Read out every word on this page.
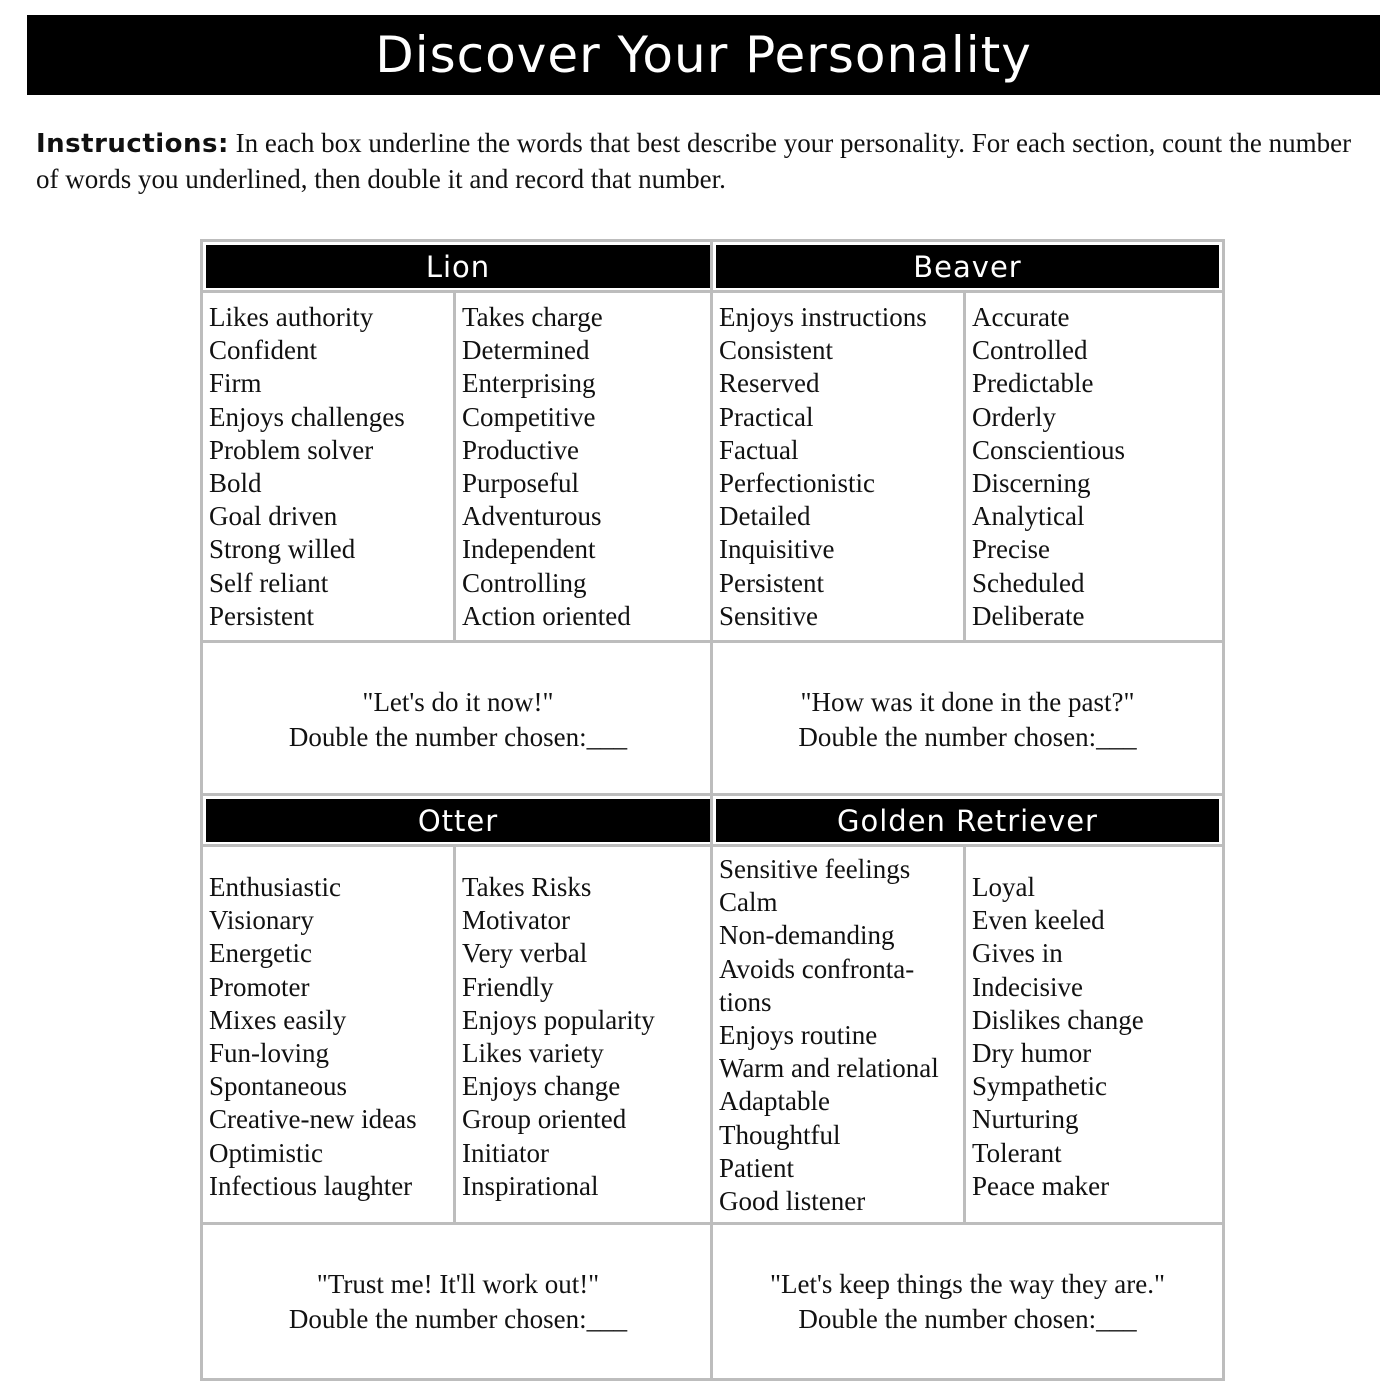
Discover Your Personality
Instructions: In each box underline the words that best describe your personality. For each section, count the number of words you underlined, then double it and record that number.
Lion
Likes authority
Confident
Firm
Enjoys challenges
Problem solver
Bold
Goal driven
Strong willed
Self reliant
Persistent
Takes charge
Determined
Enterprising
Competitive
Productive
Purposeful
Adventurous
Independent
Controlling
Action oriented
"Let's do it now!"
Double the number chosen:___
Beaver
Enjoys instructions
Consistent
Reserved
Practical
Factual
Perfectionistic
Detailed
Inquisitive
Persistent
Sensitive
Accurate
Controlled
Predictable
Orderly
Conscientious
Discerning
Analytical
Precise
Scheduled
Deliberate
"How was it done in the past?"
Double the number chosen:___
Otter
Enthusiastic
Visionary
Energetic
Promoter
Mixes easily
Fun-loving
Spontaneous
Creative-new ideas
Optimistic
Infectious laughter
Takes Risks
Motivator
Very verbal
Friendly
Enjoys popularity
Likes variety
Enjoys change
Group oriented
Initiator
Inspirational
"Trust me! It'll work out!"
Double the number chosen:___
Golden Retriever
Sensitive feelings
Calm
Non-demanding
Avoids confronta-tions
Enjoys routine
Warm and relational
Adaptable
Thoughtful
Patient
Good listener
Loyal
Even keeled
Gives in
Indecisive
Dislikes change
Dry humor
Sympathetic
Nurturing
Tolerant
Peace maker
"Let's keep things the way they are."
Double the number chosen:___
